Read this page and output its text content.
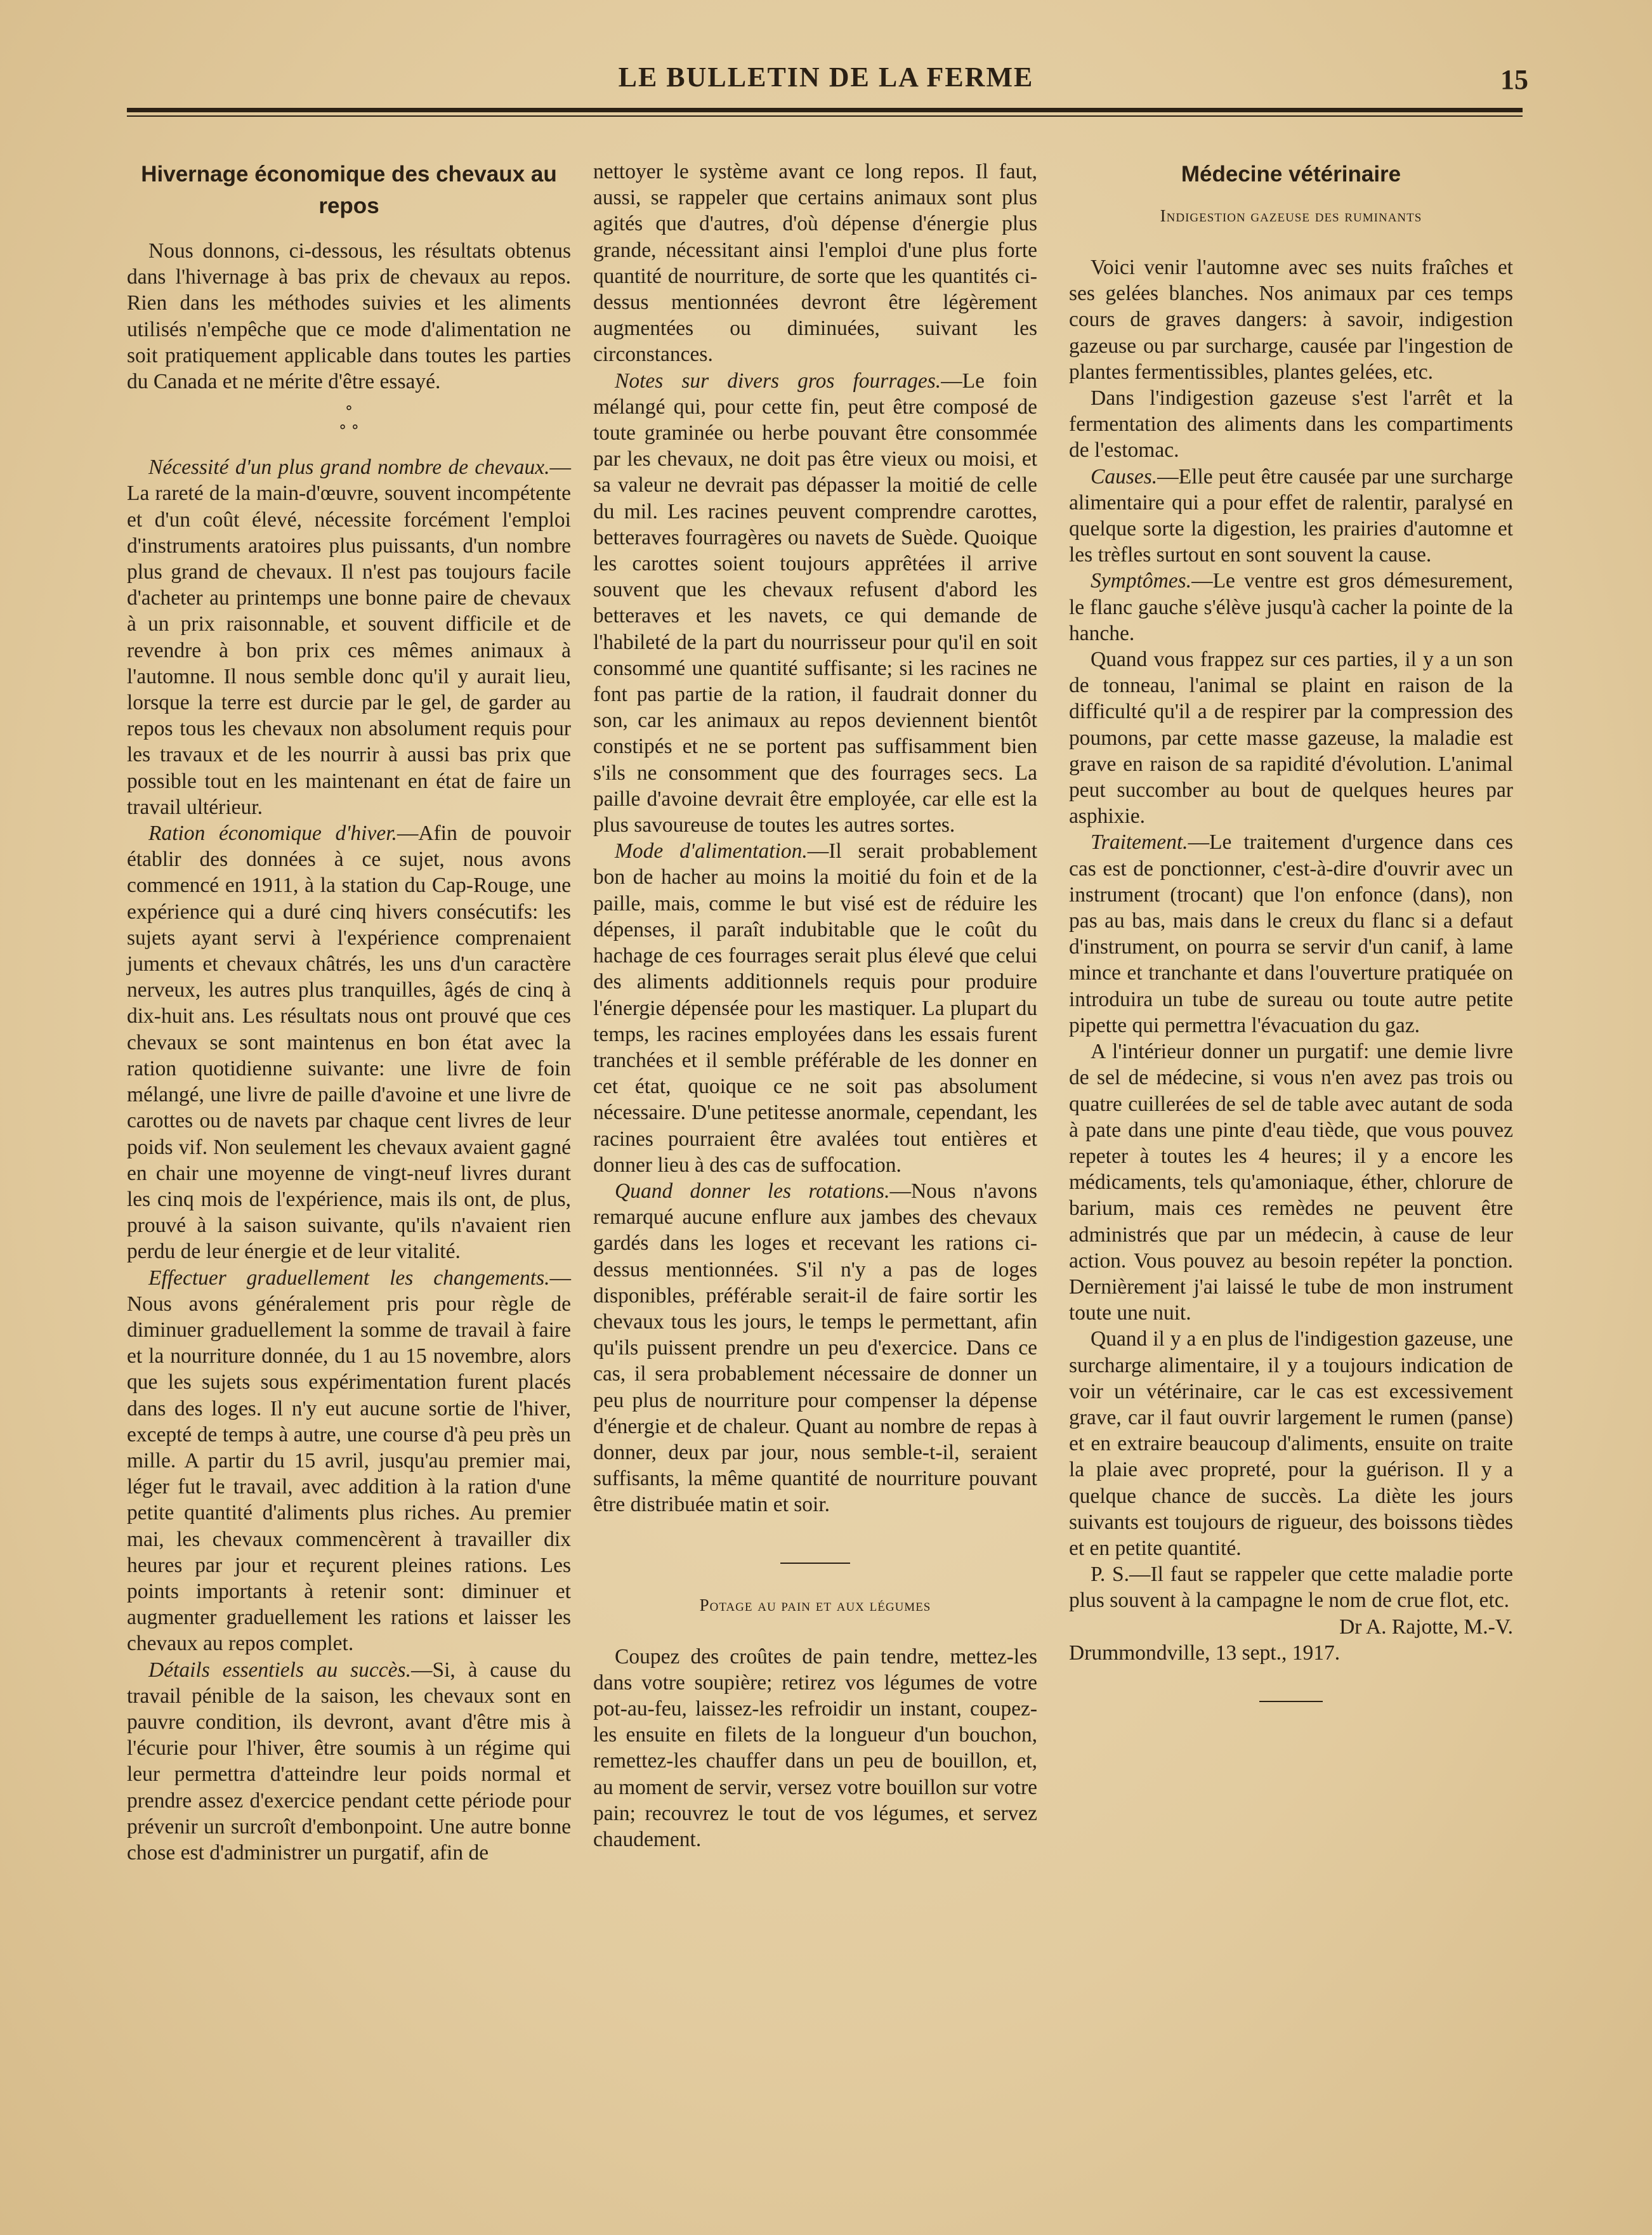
LE BULLETIN DE LA FERME	15
Hivernage économique des chevaux au repos

Nous donnons, ci-dessous, les résultats obtenus dans l'hivernage à bas prix de chevaux au repos. Rien dans les méthodes suivies et les aliments utilisés n'empêche que ce mode d'alimentation ne soit pratiquement applicable dans toutes les parties du Canada et ne mérite d'être essayé.

°
° °

Nécessité d'un plus grand nombre de chevaux.—La rareté de la main-d'œuvre, souvent incompétente et d'un coût élevé, nécessite forcément l'emploi d'instruments aratoires plus puissants, d'un nombre plus grand de chevaux. Il n'est pas toujours facile d'acheter au printemps une bonne paire de chevaux à un prix raisonnable, et souvent difficile et de revendre à bon prix ces mêmes animaux à l'automne. Il nous semble donc qu'il y aurait lieu, lorsque la terre est durcie par le gel, de garder au repos tous les chevaux non absolument requis pour les travaux et de les nourrir à aussi bas prix que possible tout en les maintenant en état de faire un travail ultérieur.

Ration économique d'hiver.—Afin de pouvoir établir des données à ce sujet, nous avons commencé en 1911, à la station du Cap-Rouge, une expérience qui a duré cinq hivers consécutifs: les sujets ayant servi à l'expérience comprenaient juments et chevaux châtrés, les uns d'un caractère nerveux, les autres plus tranquilles, âgés de cinq à dix-huit ans. Les résultats nous ont prouvé que ces chevaux se sont maintenus en bon état avec la ration quotidienne suivante: une livre de foin mélangé, une livre de paille d'avoine et une livre de carottes ou de navets par chaque cent livres de leur poids vif. Non seulement les chevaux avaient gagné en chair une moyenne de vingt-neuf livres durant les cinq mois de l'expérience, mais ils ont, de plus, prouvé à la saison suivante, qu'ils n'avaient rien perdu de leur énergie et de leur vitalité.

Effectuer graduellement les changements.—Nous avons généralement pris pour règle de diminuer graduellement la somme de travail à faire et la nourriture donnée, du 1 au 15 novembre, alors que les sujets sous expérimentation furent placés dans des loges. Il n'y eut aucune sortie de l'hiver, excepté de temps à autre, une course d'à peu près un mille. A partir du 15 avril, jusqu'au premier mai, léger fut le travail, avec addition à la ration d'une petite quantité d'aliments plus riches. Au premier mai, les chevaux commencèrent à travailler dix heures par jour et reçurent pleines rations. Les points importants à retenir sont: diminuer et augmenter graduellement les rations et laisser les chevaux au repos complet.

Détails essentiels au succès.—Si, à cause du travail pénible de la saison, les chevaux sont en pauvre condition, ils devront, avant d'être mis à l'écurie pour l'hiver, être soumis à un régime qui leur permettra d'atteindre leur poids normal et prendre assez d'exercice pendant cette période pour prévenir un surcroît d'embonpoint. Une autre bonne chose est d'administrer un purgatif, afin de

nettoyer le système avant ce long repos. Il faut, aussi, se rappeler que certains animaux sont plus agités que d'autres, d'où dépense d'énergie plus grande, nécessitant ainsi l'emploi d'une plus forte quantité de nourriture, de sorte que les quantités ci-dessus mentionnées devront être légèrement augmentées ou diminuées, suivant les circonstances.

Notes sur divers gros fourrages.—Le foin mélangé qui, pour cette fin, peut être composé de toute graminée ou herbe pouvant être consommée par les chevaux, ne doit pas être vieux ou moisi, et sa valeur ne devrait pas dépasser la moitié de celle du mil. Les racines peuvent comprendre carottes, betteraves fourragères ou navets de Suède. Quoique les carottes soient toujours apprêtées il arrive souvent que les chevaux refusent d'abord les betteraves et les navets, ce qui demande de l'habileté de la part du nourrisseur pour qu'il en soit consommé une quantité suffisante; si les racines ne font pas partie de la ration, il faudrait donner du son, car les animaux au repos deviennent bientôt constipés et ne se portent pas suffisamment bien s'ils ne consomment que des fourrages secs. La paille d'avoine devrait être employée, car elle est la plus savoureuse de toutes les autres sortes.

Mode d'alimentation.—Il serait probablement bon de hacher au moins la moitié du foin et de la paille, mais, comme le but visé est de réduire les dépenses, il paraît indubitable que le coût du hachage de ces fourrages serait plus élevé que celui des aliments additionnels requis pour produire l'énergie dépensée pour les mastiquer. La plupart du temps, les racines employées dans les essais furent tranchées et il semble préférable de les donner en cet état, quoique ce ne soit pas absolument nécessaire. D'une petitesse anormale, cependant, les racines pourraient être avalées tout entières et donner lieu à des cas de suffocation.

Quand donner les rotations.—Nous n'avons remarqué aucune enflure aux jambes des chevaux gardés dans les loges et recevant les rations ci-dessus mentionnées. S'il n'y a pas de loges disponibles, préférable serait-il de faire sortir les chevaux tous les jours, le temps le permettant, afin qu'ils puissent prendre un peu d'exercice. Dans ce cas, il sera probablement nécessaire de donner un peu plus de nourriture pour compenser la dépense d'énergie et de chaleur. Quant au nombre de repas à donner, deux par jour, nous semble-t-il, seraient suffisants, la même quantité de nourriture pouvant être distribuée matin et soir.

Potage au pain et aux légumes

Coupez des croûtes de pain tendre, mettez-les dans votre soupière; retirez vos légumes de votre pot-au-feu, laissez-les refroidir un instant, coupez-les ensuite en filets de la longueur d'un bouchon, remettez-les chauffer dans un peu de bouillon, et, au moment de servir, versez votre bouillon sur votre pain; recouvrez le tout de vos légumes, et servez chaudement.

Médecine vétérinaire
Indigestion gazeuse des ruminants

Voici venir l'automne avec ses nuits fraîches et ses gelées blanches. Nos animaux par ces temps cours de graves dangers: à savoir, indigestion gazeuse ou par surcharge, causée par l'ingestion de plantes fermentissibles, plantes gelées, etc.

Dans l'indigestion gazeuse s'est l'arrêt et la fermentation des aliments dans les compartiments de l'estomac.

Causes.—Elle peut être causée par une surcharge alimentaire qui a pour effet de ralentir, paralysé en quelque sorte la digestion, les prairies d'automne et les trèfles surtout en sont souvent la cause.

Symptômes.—Le ventre est gros démesurement, le flanc gauche s'élève jusqu'à cacher la pointe de la hanche.

Quand vous frappez sur ces parties, il y a un son de tonneau, l'animal se plaint en raison de la difficulté qu'il a de respirer par la compression des poumons, par cette masse gazeuse, la maladie est grave en raison de sa rapidité d'évolution. L'animal peut succomber au bout de quelques heures par asphixie.

Traitement.—Le traitement d'urgence dans ces cas est de ponctionner, c'est-à-dire d'ouvrir avec un instrument (trocant) que l'on enfonce (dans), non pas au bas, mais dans le creux du flanc si a defaut d'instrument, on pourra se servir d'un canif, à lame mince et tranchante et dans l'ouverture pratiquée on introduira un tube de sureau ou toute autre petite pipette qui permettra l'évacuation du gaz.

A l'intérieur donner un purgatif: une demie livre de sel de médecine, si vous n'en avez pas trois ou quatre cuillerées de sel de table avec autant de soda à pate dans une pinte d'eau tiède, que vous pouvez repeter à toutes les 4 heures; il y a encore les médicaments, tels qu'amoniaque, éther, chlorure de barium, mais ces remèdes ne peuvent être administrés que par un médecin, à cause de leur action. Vous pouvez au besoin repéter la ponction. Dernièrement j'ai laissé le tube de mon instrument toute une nuit.

Quand il y a en plus de l'indigestion gazeuse, une surcharge alimentaire, il y a toujours indication de voir un vétérinaire, car le cas est excessivement grave, car il faut ouvrir largement le rumen (panse) et en extraire beaucoup d'aliments, ensuite on traite la plaie avec propreté, pour la guérison. Il y a quelque chance de succès. La diète les jours suivants est toujours de rigueur, des boissons tièdes et en petite quantité.

P. S.—Il faut se rappeler que cette maladie porte plus souvent à la campagne le nom de crue flot, etc.

Dr A. Rajotte, M.-V.

Drummondville, 13 sept., 1917.
